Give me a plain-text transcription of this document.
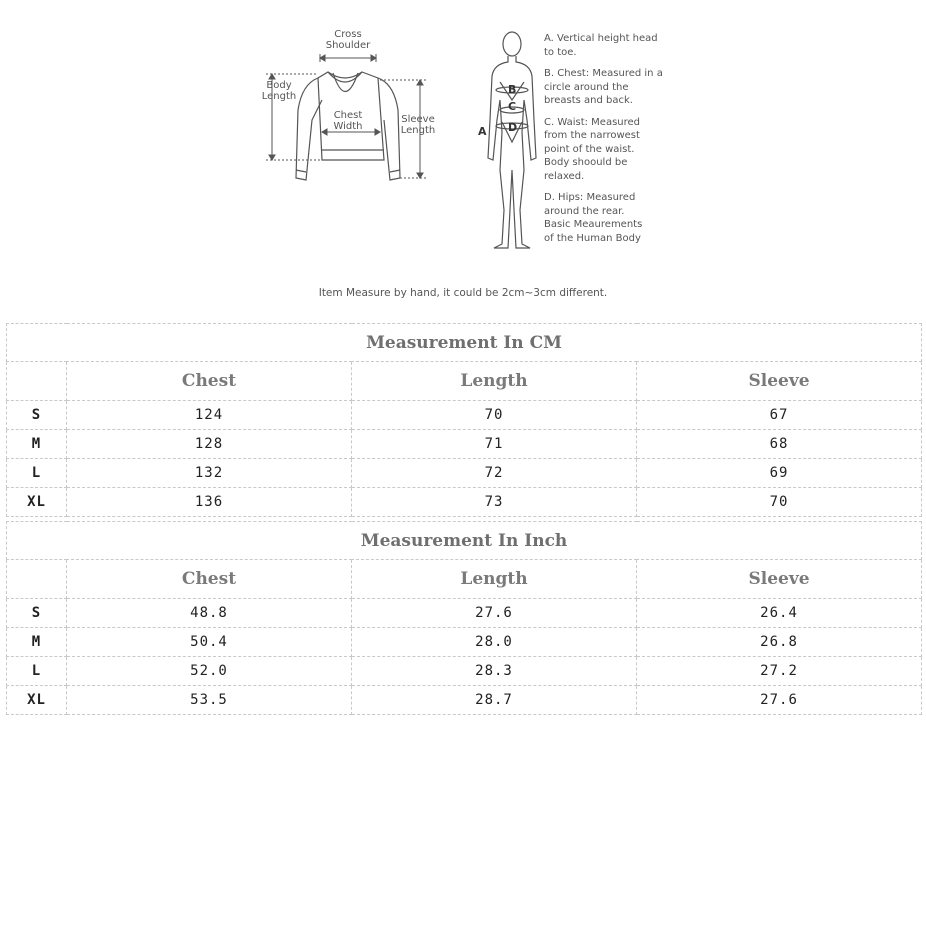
Cross
Shoulder
Body
Length
Chest
Width
Sleeve
Length	A
B
C
D
A. Vertical height head
to toe.
B. Chest: Measured in a
circle around the
breasts and back.
C. Waist: Measured
from the narrowest
point of the waist.
Body shoould be
relaxed.
D. Hips: Measured
around the rear.
Basic Meaurements
of the Human Body
Item Measure by hand, it could be 2cm~3cm different.
Measurement In CM			
	Chest	Length	Sleeve
S	124	70	67
M	128	71	68
L	132	72	69
XL	136	73	70
Measurement In Inch			
	Chest	Length	Sleeve
S	48.8	27.6	26.4
M	50.4	28.0	26.8
L	52.0	28.3	27.2
XL	53.5	28.7	27.6
